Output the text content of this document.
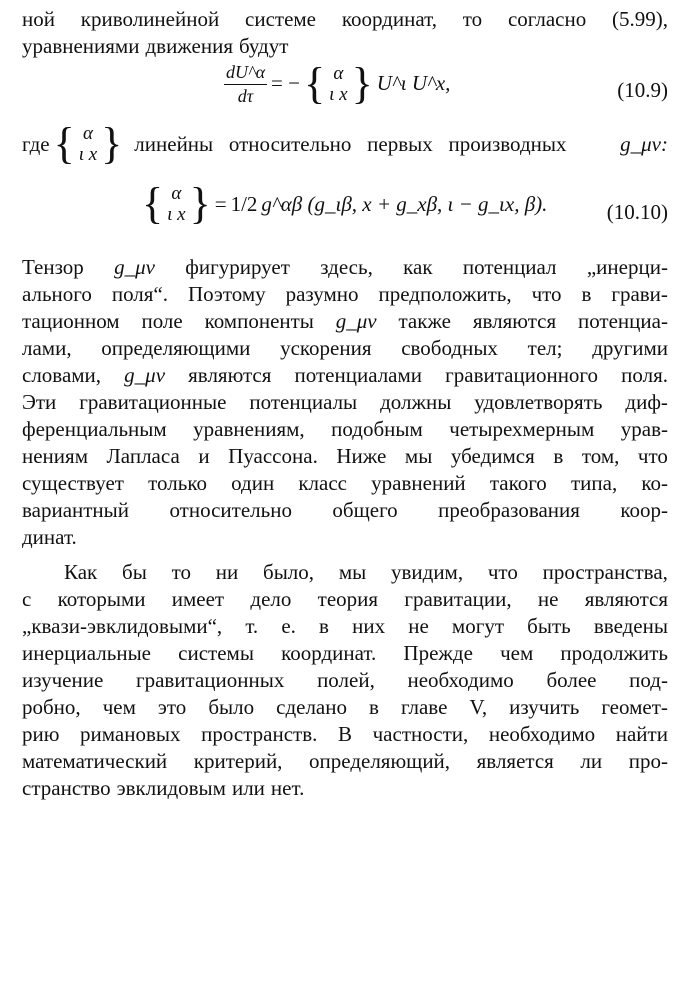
ной криволинейной системе координат, то согласно (5.99),
уравнениями движения будут
$\frac{dU\^{}\alpha}{d\tau}$ = − { α
ι x } U^ι U^x,	(10.9)
где { α
ι x } линейны   относительно   первых   производных	g_μν:
{ α
ι x } = 1/2 g^αβ (g_ιβ, x + g_xβ, ι − g_ιx, β).	(10.10)
Тензор g_μν фигурирует здесь, как потенциал „инерци-
ального поля“. Поэтому разумно предположить, что в грави-
тационном поле компоненты g_μν также являются потенциа-
лами, определяющими ускорения свободных тел; другими
словами, g_μν являются потенциалами гравитационного поля.
Эти гравитационные потенциалы должны удовлетворять диф-
ференциальным уравнениям, подобным четырехмерным урав-
нениям Лапласа и Пуассона. Ниже мы убедимся в том, что
существует только один класс уравнений такого типа, ко-
вариантный относительно общего преобразования коор-
динат.
Как бы то ни было, мы увидим, что пространства,
с которыми имеет дело теория гравитации, не являются
„квази-эвклидовыми“, т. е. в них не могут быть введены
инерциальные системы координат. Прежде чем продолжить
изучение гравитационных полей, необходимо более под-
робно, чем это было сделано в главе V, изучить геомет-
рию римановых пространств. В частности, необходимо найти
математический критерий, определяющий, является ли про-
странство эвклидовым или нет.
